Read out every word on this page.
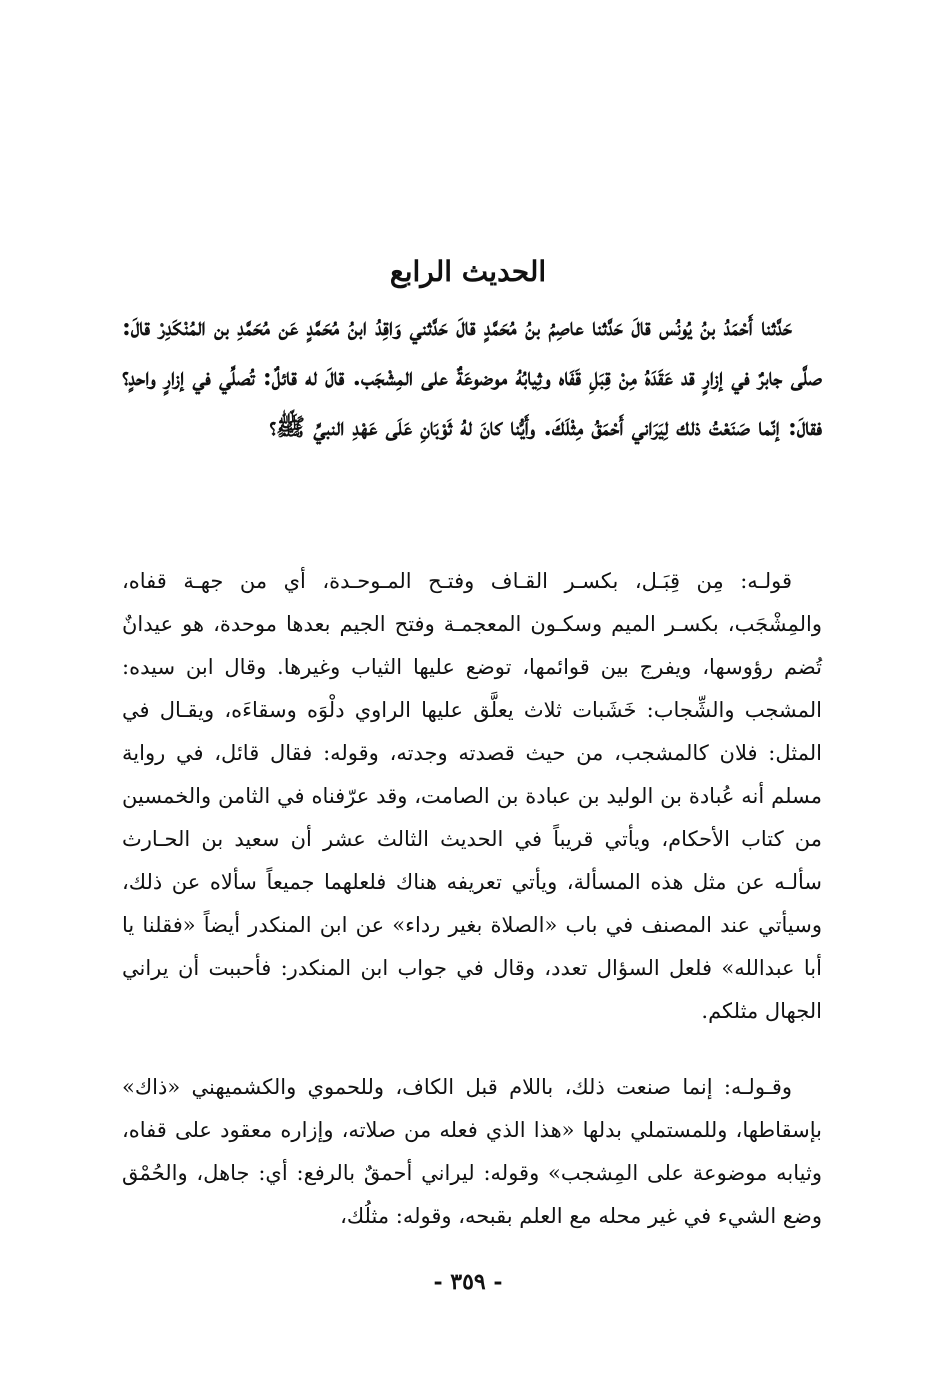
الحديث الرابع

حَدَّثنا أَحْمَدُ بنُ يُونُس قالَ حَدَّثنا عاصِمُ بنُ مُحَمَّدٍ قالَ حَدَّثني وَاقِدُ ابنُ مُحَمَّدٍ عَن مُحَمَّدِ بن المُنْكَدِرْ قالَ: صلَّى جابرٌ في إزارٍ قد عَقَدَهُ مِنْ قِبَلِ قَفَاه وثِيابُهُ موضوعَةٌ على المِشْجَب. قالَ له قائلٌ: تُصلِّي في إزارٍ واحدٍ؟ فقالَ: إنّما صَنَعْتُ ذلك لِيَرَاني أَحْمَقُ مِثْلَكَ. وأَيُّنا كانَ لهُ ثَوْبَانِ عَلَى عَهْدِ النبيِّ ﷺ؟

قولـه: مِن قِبَـل، بكسـر القـاف وفتـح المـوحـدة، أي من جهـة قفاه، والمِشْجَب، بكسـر الميم وسكـون المعجمـة وفتح الجيم بعدها موحدة، هو عيدانٌ تُضم رؤوسها، ويفرج بين قوائمها، توضع عليها الثياب وغيرها. وقال ابن سيده: المشجب والشِّجاب: خَشَبات ثلاث يعلَّق عليها الراوي دلْوَه وسقاءَه، ويقـال في المثل: فلان كالمشجب، من حيث قصدته وجدته، وقوله: فقال قائل، في رواية مسلم أنه عُبادة بن الوليد بن عبادة بن الصامت، وقد عرّفناه في الثامن والخمسين من كتاب الأحكام، ويأتي قريباً في الحديث الثالث عشر أن سعيد بن الحـارث سألـه عن مثل هذه المسألة، ويأتي تعريفه هناك فلعلهما جميعاً سألاه عن ذلك، وسيأتي عند المصنف في باب «الصلاة بغير رداء» عن ابن المنكدر أيضاً «فقلنا يا أبا عبدالله» فلعل السؤال تعدد، وقال في جواب ابن المنكدر: فأحببت أن يراني الجهال مثلكم.

وقـولـه: إنما صنعت ذلك، باللام قبل الكاف، وللحموي والكشميهني «ذاك» بإسقاطها، وللمستملي بدلها «هذا الذي فعله من صلاته، وإزاره معقود على قفاه، وثيابه موضوعة على المِشجب» وقوله: ليراني أحمقٌ بالرفع: أي: جاهل، والحُمْق وضع الشيء في غير محله مع العلم بقبحه، وقوله: مثلُك،

- ٣٥٩ -
